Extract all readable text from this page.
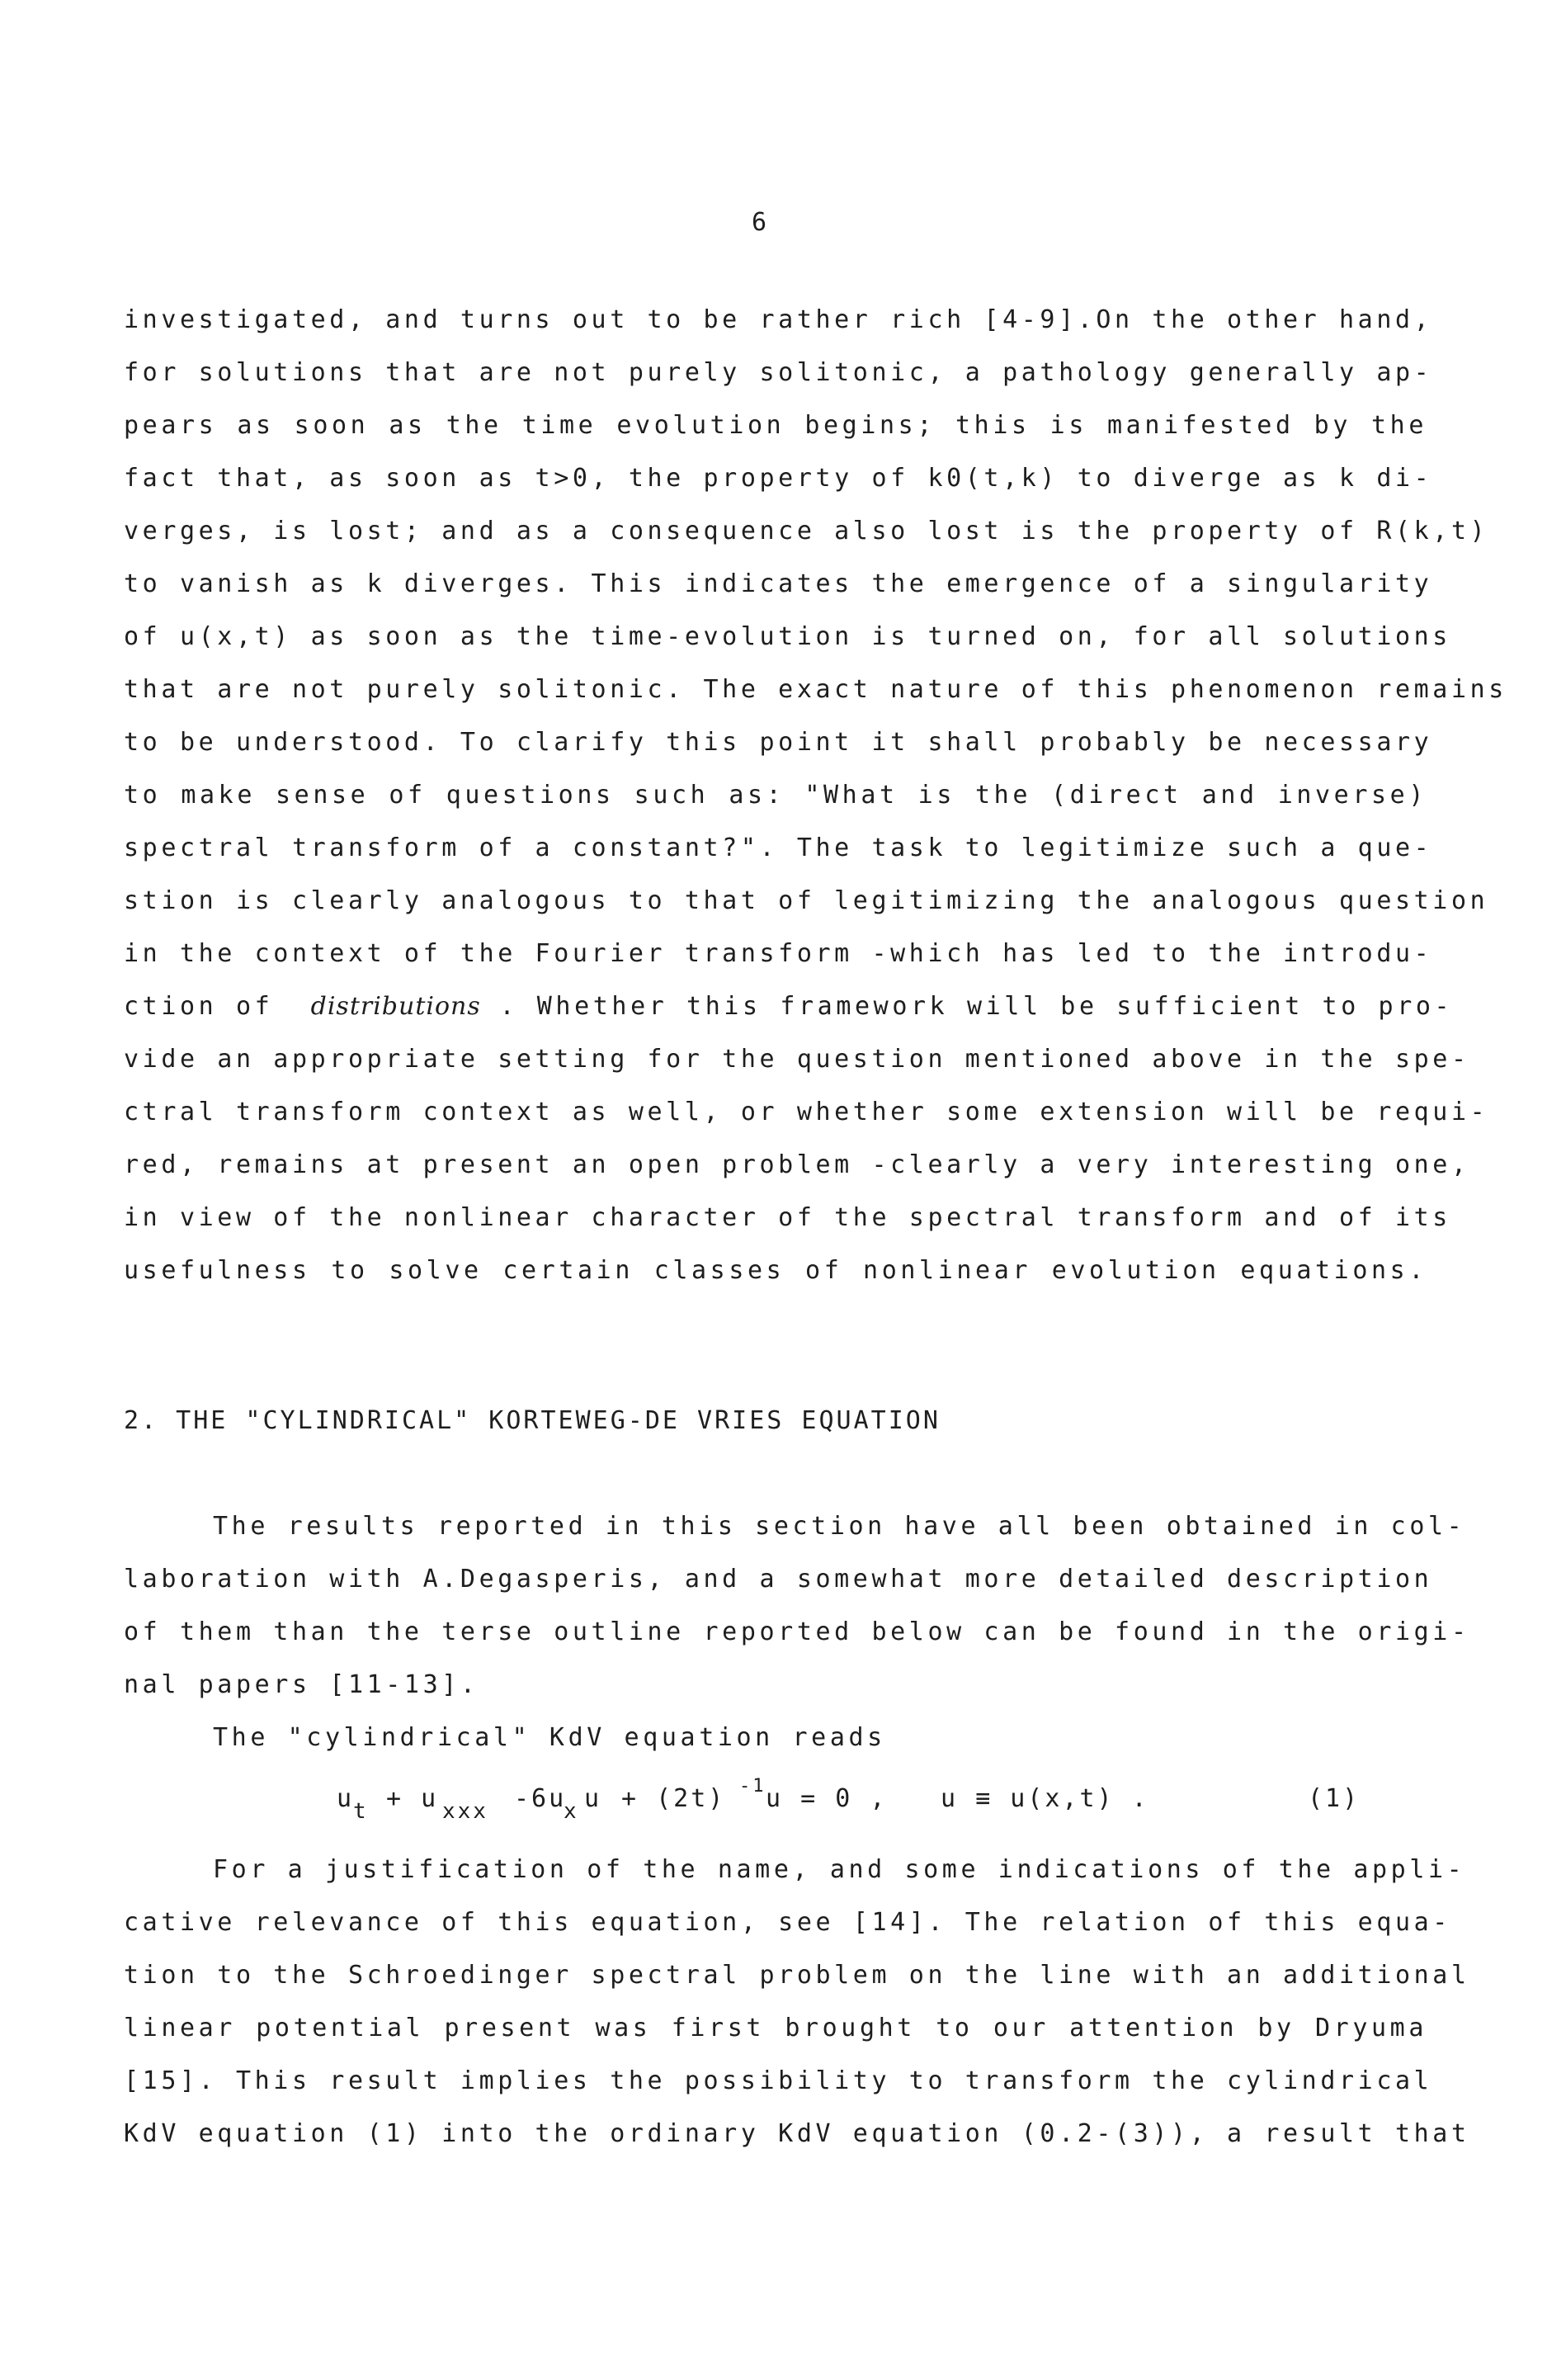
6
investigated, and turns out to be rather rich [4-9].On the other hand,
for solutions that are not purely solitonic, a pathology generally ap-
pears as soon as the time evolution begins; this is manifested by the
fact that, as soon as t>0, the property of k0(t,k) to diverge as k di-
verges, is lost; and as a consequence also lost is the property of R(k,t)
to vanish as k diverges. This indicates the emergence of a singularity
of u(x,t) as soon as the time-evolution is turned on, for all solutions
that are not purely solitonic. The exact nature of this phenomenon remains
to be understood. To clarify this point it shall probably be necessary
to make sense of questions such as: "What is the (direct and inverse)
spectral transform of a constant?". The task to legitimize such a que-
stion is clearly analogous to that of legitimizing the analogous question
in the context of the Fourier transform -which has led to the introdu-
ction of distributions . Whether this framework will be sufficient to pro-
vide an appropriate setting for the question mentioned above in the spe-
ctral transform context as well, or whether some extension will be requi-
red, remains at present an open problem -clearly a very interesting one,
in view of the nonlinear character of the spectral transform and of its
usefulness to solve certain classes of nonlinear evolution equations.
2. THE "CYLINDRICAL" KORTEWEG-DE VRIES EQUATION
The results reported in this section have all been obtained in col-
laboration with A.Degasperis, and a somewhat more detailed description
of them than the terse outline reported below can be found in the origi-
nal papers [11-13].
The "cylindrical" KdV equation reads
u
t + u xxx -6u
x u + (2t) -1 u = 0 , u ≡ u(x,t) .	(1)
For a justification of the name, and some indications of the appli-
cative relevance of this equation, see [14]. The relation of this equa-
tion to the Schroedinger spectral problem on the line with an additional
linear potential present was first brought to our attention by Dryuma
[15]. This result implies the possibility to transform the cylindrical
KdV equation (1) into the ordinary KdV equation (0.2-(3)), a result that
